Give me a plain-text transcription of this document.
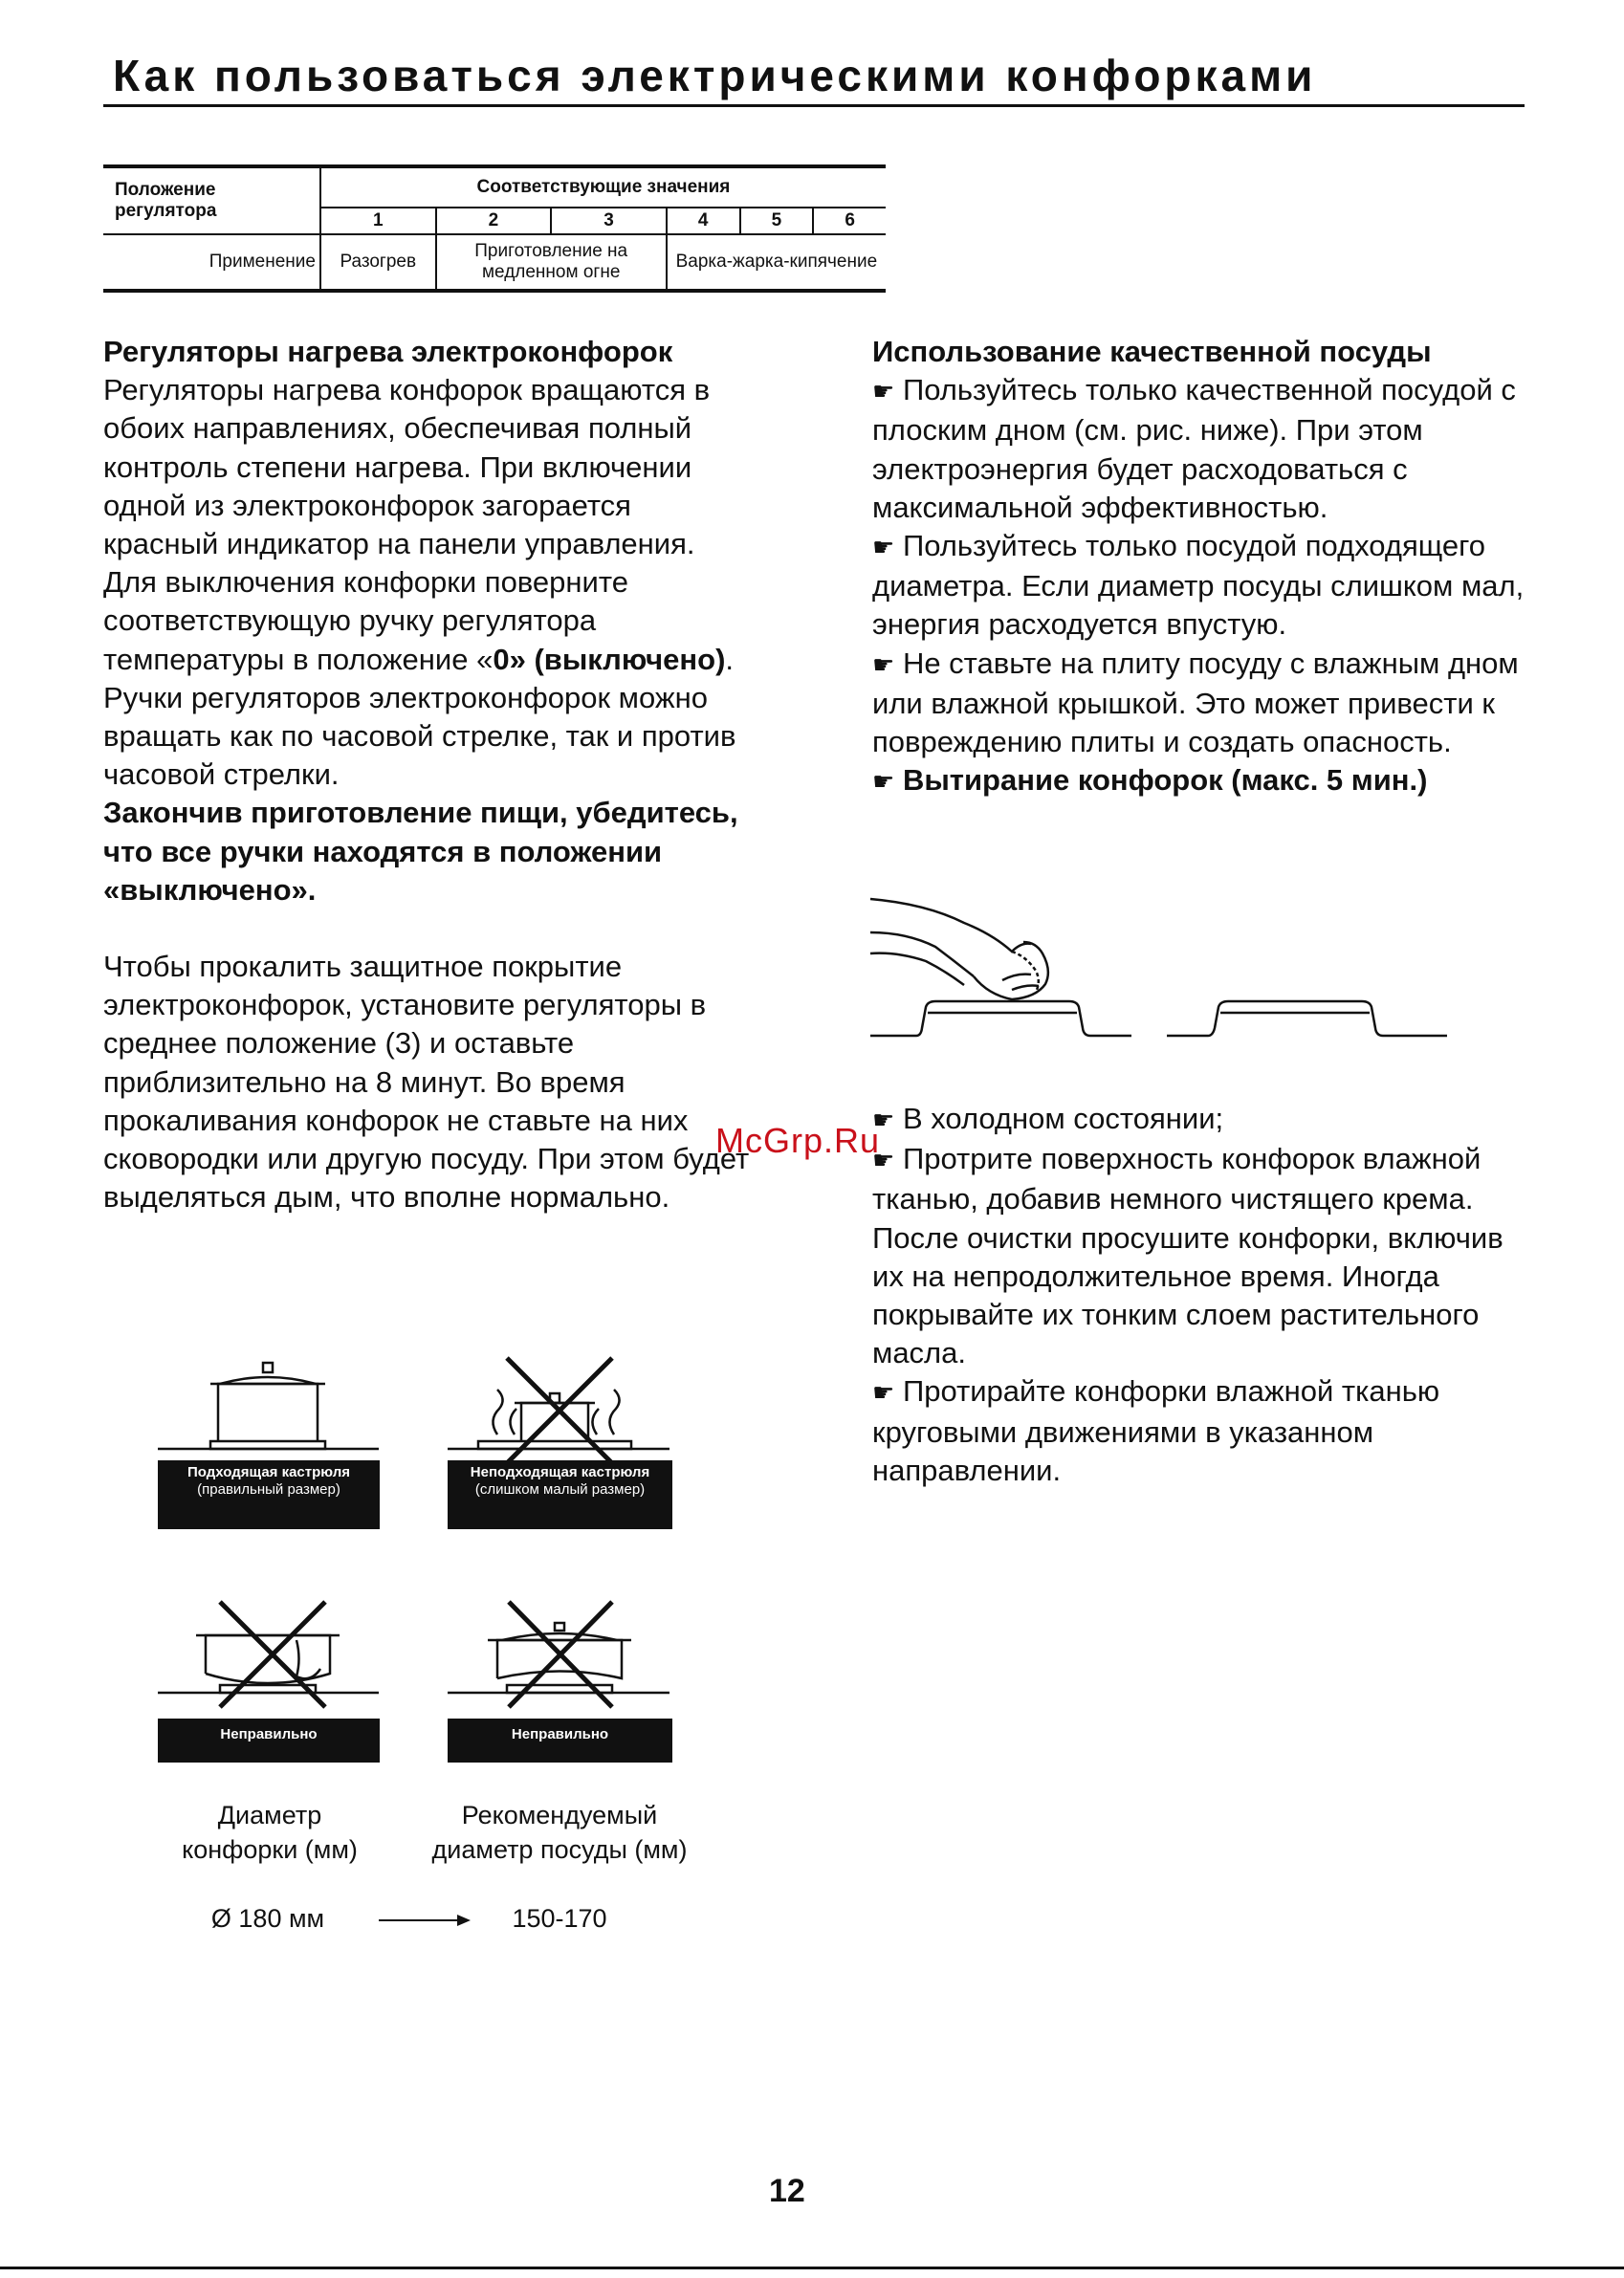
Как пользоваться электрическими конфорками
Положение регулятора	Соответствующие значения					
	1	2	3	4	5	6
Применение	Разогрев	Приготовление на медленном огне		Варка-жарка-кипячение		

Регуляторы нагрева электроконфорок

Регуляторы нагрева конфорок вращаются в обоих направлениях, обеспечивая полный контроль степени нагрева. При включении одной из электроконфорок загорается красный индикатор на панели управления. Для выключения конфорки поверните соответствующую ручку регулятора температуры в положение «0» (выключено). Ручки регуляторов электроконфорок можно вращать как по часовой стрелке, так и против часовой стрелки.

Закончив приготовление пищи, убедитесь, что все ручки находятся в положении «выключено».

Чтобы прокалить защитное покрытие электроконфорок, установите регуляторы в среднее положение (3) и оставьте приблизительно на 8 минут. Во время прокаливания конфорок не ставьте на них сковородки или другую посуду. При этом будет выделяться дым, что вполне нормально.

Подходящая кастрюля
(правильный размер)
Неподходящая кастрюля
(слишком малый размер)
Неправильно	Неправильно
Диаметр
конфорки (мм)
Рекомендуемый
диаметр посуды (мм)
Ø 180 мм	150-170

Использование качественной посуды

☛ Пользуйтесь только качественной посудой с плоским дном (см. рис. ниже). При этом электроэнергия будет расходоваться с максимальной эффективностью.

☛ Пользуйтесь только посудой подходящего диаметра. Если диаметр посуды слишком мал, энергия расходуется впустую.

☛ Не ставьте на плиту посуду с влажным дном или влажной крышкой. Это может привести к повреждению плиты и создать опасность.

☛ Вытирание конфорок (макс. 5 мин.)

☛ В холодном состоянии;

☛ Протрите поверхность конфорок влажной тканью, добавив немного чистящего крема. После очистки просушите конфорки, включив их на непродолжительное время. Иногда покрывайте их тонким слоем растительного масла.

☛ Протирайте конфорки влажной тканью круговыми движениями в указанном направлении.

McGrp.Ru
12
